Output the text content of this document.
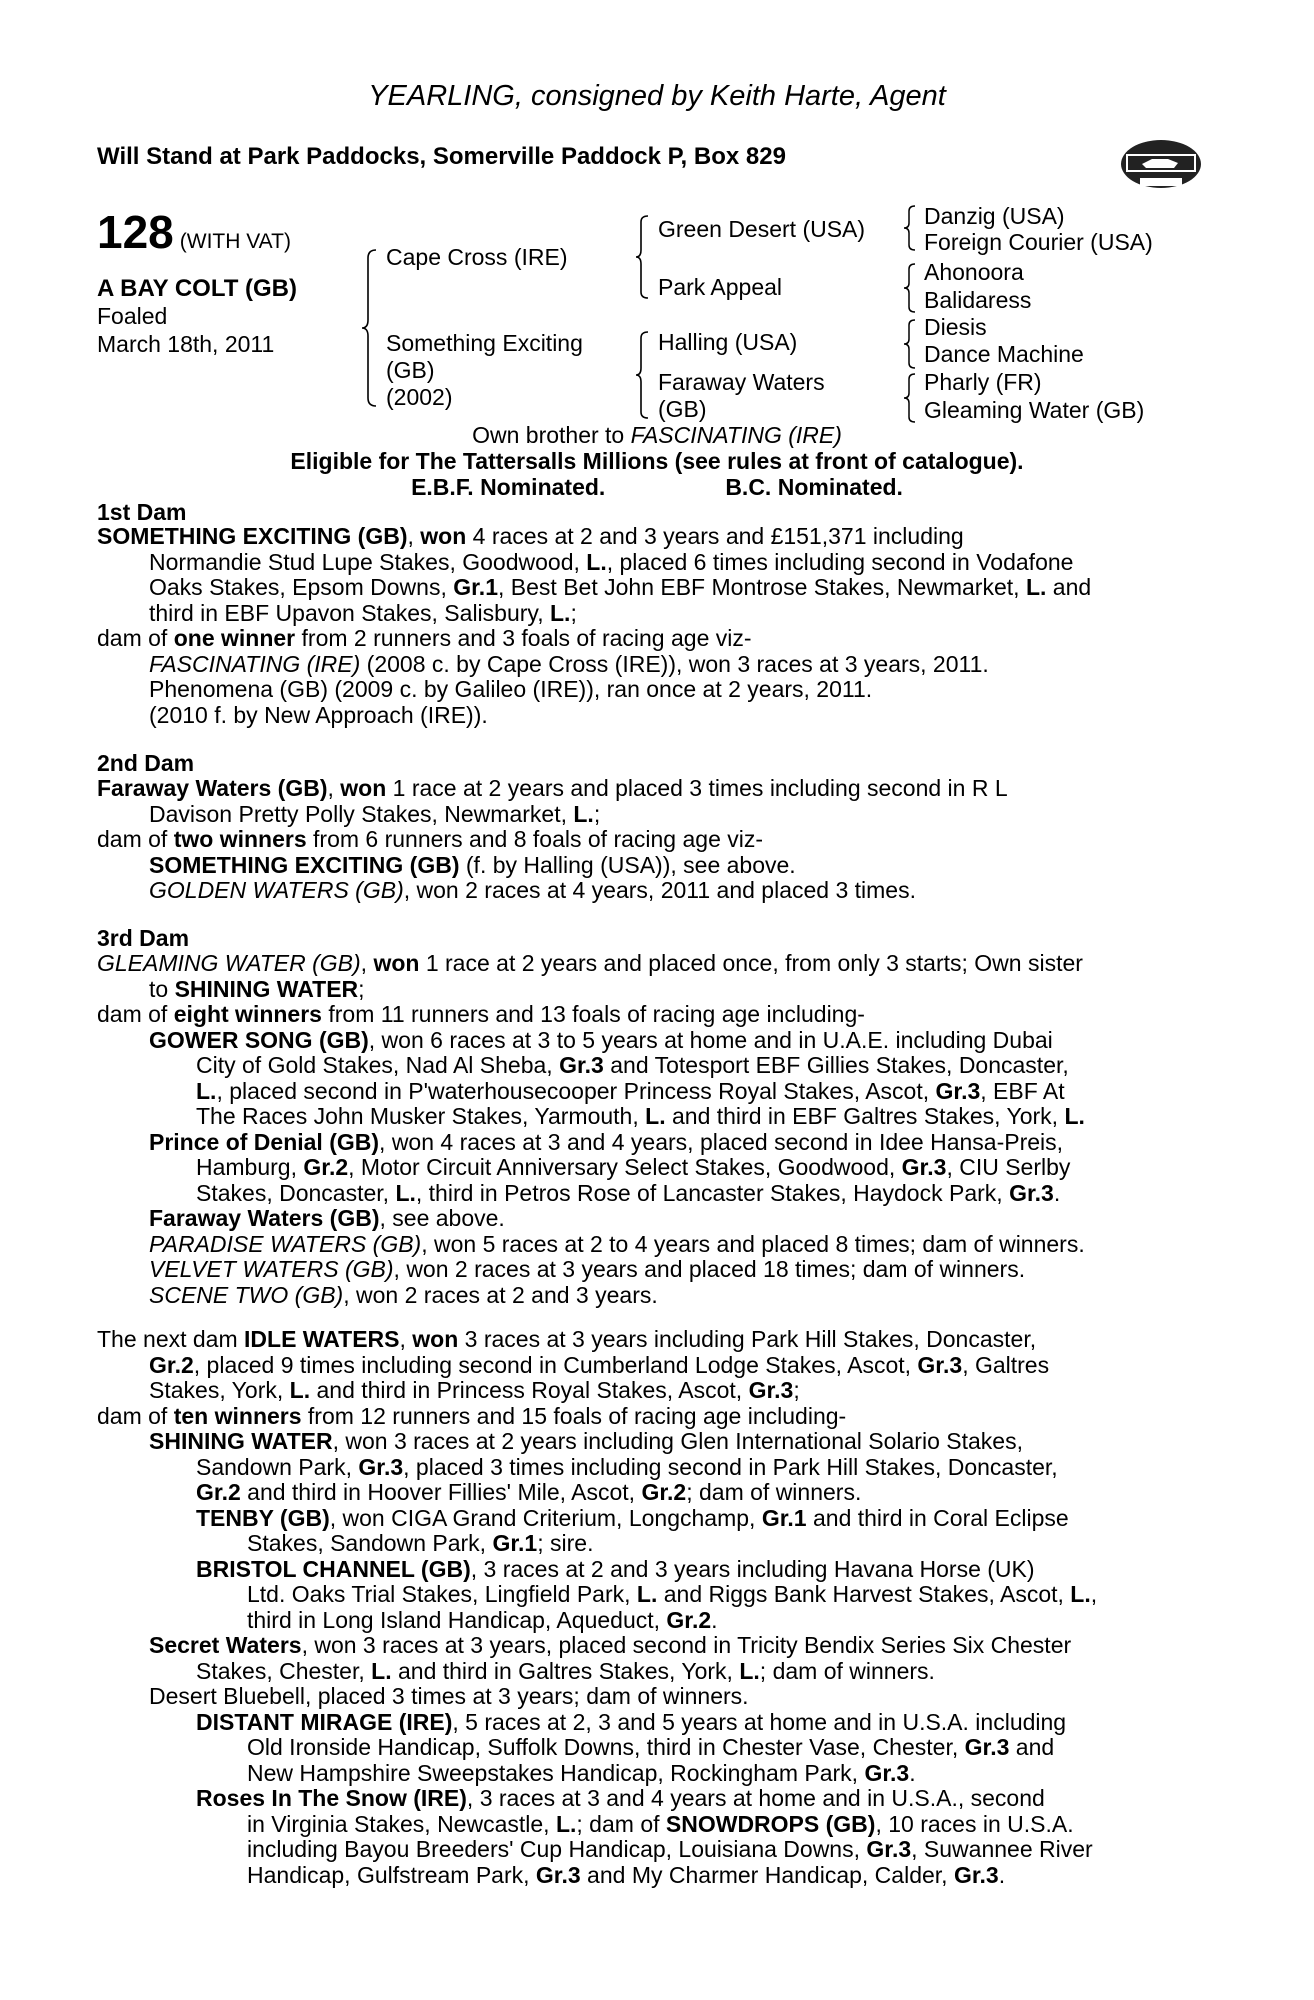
YEARLING, consigned by Keith Harte, Agent
Will Stand at Park Paddocks, Somerville Paddock P, Box 829
128 (WITH VAT)
A BAY COLT (GB)
Foaled
March 18th, 2011
Cape Cross (IRE)
Something Exciting
(GB)
(2002)
Green Desert (USA)
Park Appeal
Halling (USA)
Faraway Waters
(GB)
Danzig (USA)
Foreign Courier (USA)
Ahonoora
Balidaress
Diesis
Dance Machine
Pharly (FR)
Gleaming Water (GB)
Own brother to FASCINATING (IRE)
Eligible for The Tattersalls Millions (see rules at front of catalogue).
E.B.F. Nominated.	B.C. Nominated.
1st Dam
SOMETHING EXCITING (GB), won 4 races at 2 and 3 years and £151,371 including
Normandie Stud Lupe Stakes, Goodwood, L., placed 6 times including second in Vodafone
Oaks Stakes, Epsom Downs, Gr.1, Best Bet John EBF Montrose Stakes, Newmarket, L. and
third in EBF Upavon Stakes, Salisbury, L.;
dam of one winner from 2 runners and 3 foals of racing age viz-
FASCINATING (IRE) (2008 c. by Cape Cross (IRE)), won 3 races at 3 years, 2011.
Phenomena (GB) (2009 c. by Galileo (IRE)), ran once at 2 years, 2011.
(2010 f. by New Approach (IRE)).
2nd Dam
Faraway Waters (GB), won 1 race at 2 years and placed 3 times including second in R L
Davison Pretty Polly Stakes, Newmarket, L.;
dam of two winners from 6 runners and 8 foals of racing age viz-
SOMETHING EXCITING (GB) (f. by Halling (USA)), see above.
GOLDEN WATERS (GB), won 2 races at 4 years, 2011 and placed 3 times.
3rd Dam
GLEAMING WATER (GB), won 1 race at 2 years and placed once, from only 3 starts; Own sister
to SHINING WATER;
dam of eight winners from 11 runners and 13 foals of racing age including-
GOWER SONG (GB), won 6 races at 3 to 5 years at home and in U.A.E. including Dubai
City of Gold Stakes, Nad Al Sheba, Gr.3 and Totesport EBF Gillies Stakes, Doncaster,
L., placed second in P'waterhousecooper Princess Royal Stakes, Ascot, Gr.3, EBF At
The Races John Musker Stakes, Yarmouth, L. and third in EBF Galtres Stakes, York, L.
Prince of Denial (GB), won 4 races at 3 and 4 years, placed second in Idee Hansa-Preis,
Hamburg, Gr.2, Motor Circuit Anniversary Select Stakes, Goodwood, Gr.3, CIU Serlby
Stakes, Doncaster, L., third in Petros Rose of Lancaster Stakes, Haydock Park, Gr.3.
Faraway Waters (GB), see above.
PARADISE WATERS (GB), won 5 races at 2 to 4 years and placed 8 times; dam of winners.
VELVET WATERS (GB), won 2 races at 3 years and placed 18 times; dam of winners.
SCENE TWO (GB), won 2 races at 2 and 3 years.
The next dam IDLE WATERS, won 3 races at 3 years including Park Hill Stakes, Doncaster,
Gr.2, placed 9 times including second in Cumberland Lodge Stakes, Ascot, Gr.3, Galtres
Stakes, York, L. and third in Princess Royal Stakes, Ascot, Gr.3;
dam of ten winners from 12 runners and 15 foals of racing age including-
SHINING WATER, won 3 races at 2 years including Glen International Solario Stakes,
Sandown Park, Gr.3, placed 3 times including second in Park Hill Stakes, Doncaster,
Gr.2 and third in Hoover Fillies' Mile, Ascot, Gr.2; dam of winners.
TENBY (GB), won CIGA Grand Criterium, Longchamp, Gr.1 and third in Coral Eclipse
Stakes, Sandown Park, Gr.1; sire.
BRISTOL CHANNEL (GB), 3 races at 2 and 3 years including Havana Horse (UK)
Ltd. Oaks Trial Stakes, Lingfield Park, L. and Riggs Bank Harvest Stakes, Ascot, L.,
third in Long Island Handicap, Aqueduct, Gr.2.
Secret Waters, won 3 races at 3 years, placed second in Tricity Bendix Series Six Chester
Stakes, Chester, L. and third in Galtres Stakes, York, L.; dam of winners.
Desert Bluebell, placed 3 times at 3 years; dam of winners.
DISTANT MIRAGE (IRE), 5 races at 2, 3 and 5 years at home and in U.S.A. including
Old Ironside Handicap, Suffolk Downs, third in Chester Vase, Chester, Gr.3 and
New Hampshire Sweepstakes Handicap, Rockingham Park, Gr.3.
Roses In The Snow (IRE), 3 races at 3 and 4 years at home and in U.S.A., second
in Virginia Stakes, Newcastle, L.; dam of SNOWDROPS (GB), 10 races in U.S.A.
including Bayou Breeders' Cup Handicap, Louisiana Downs, Gr.3, Suwannee River
Handicap, Gulfstream Park, Gr.3 and My Charmer Handicap, Calder, Gr.3.
